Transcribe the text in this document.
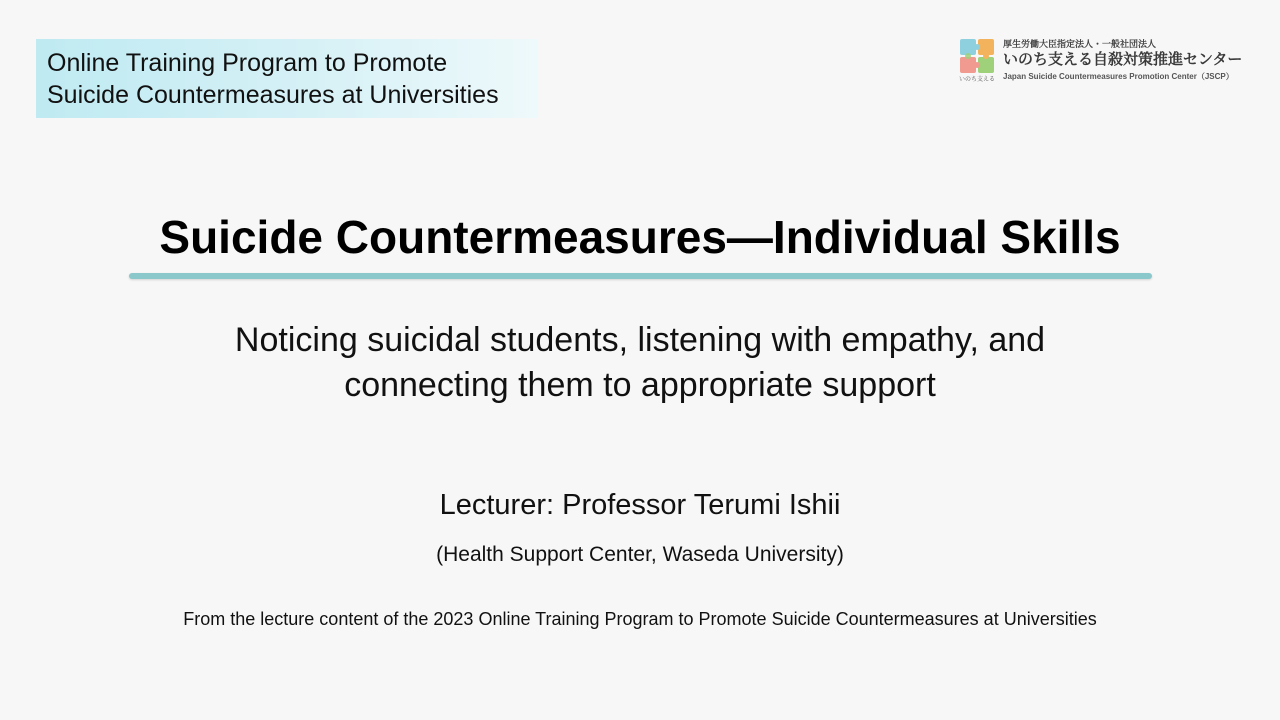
Online Training Program to Promote
Suicide Countermeasures at Universities
いのち支える
厚生労働大臣指定法人・一般社団法人
いのち支える自殺対策推進センター
Japan Suicide Countermeasures Promotion Center（JSCP）
Suicide Countermeasures—Individual Skills
Noticing suicidal students, listening with empathy, and
connecting them to appropriate support
Lecturer: Professor Terumi Ishii
(Health Support Center, Waseda University)
From the lecture content of the 2023 Online Training Program to Promote Suicide Countermeasures at Universities
